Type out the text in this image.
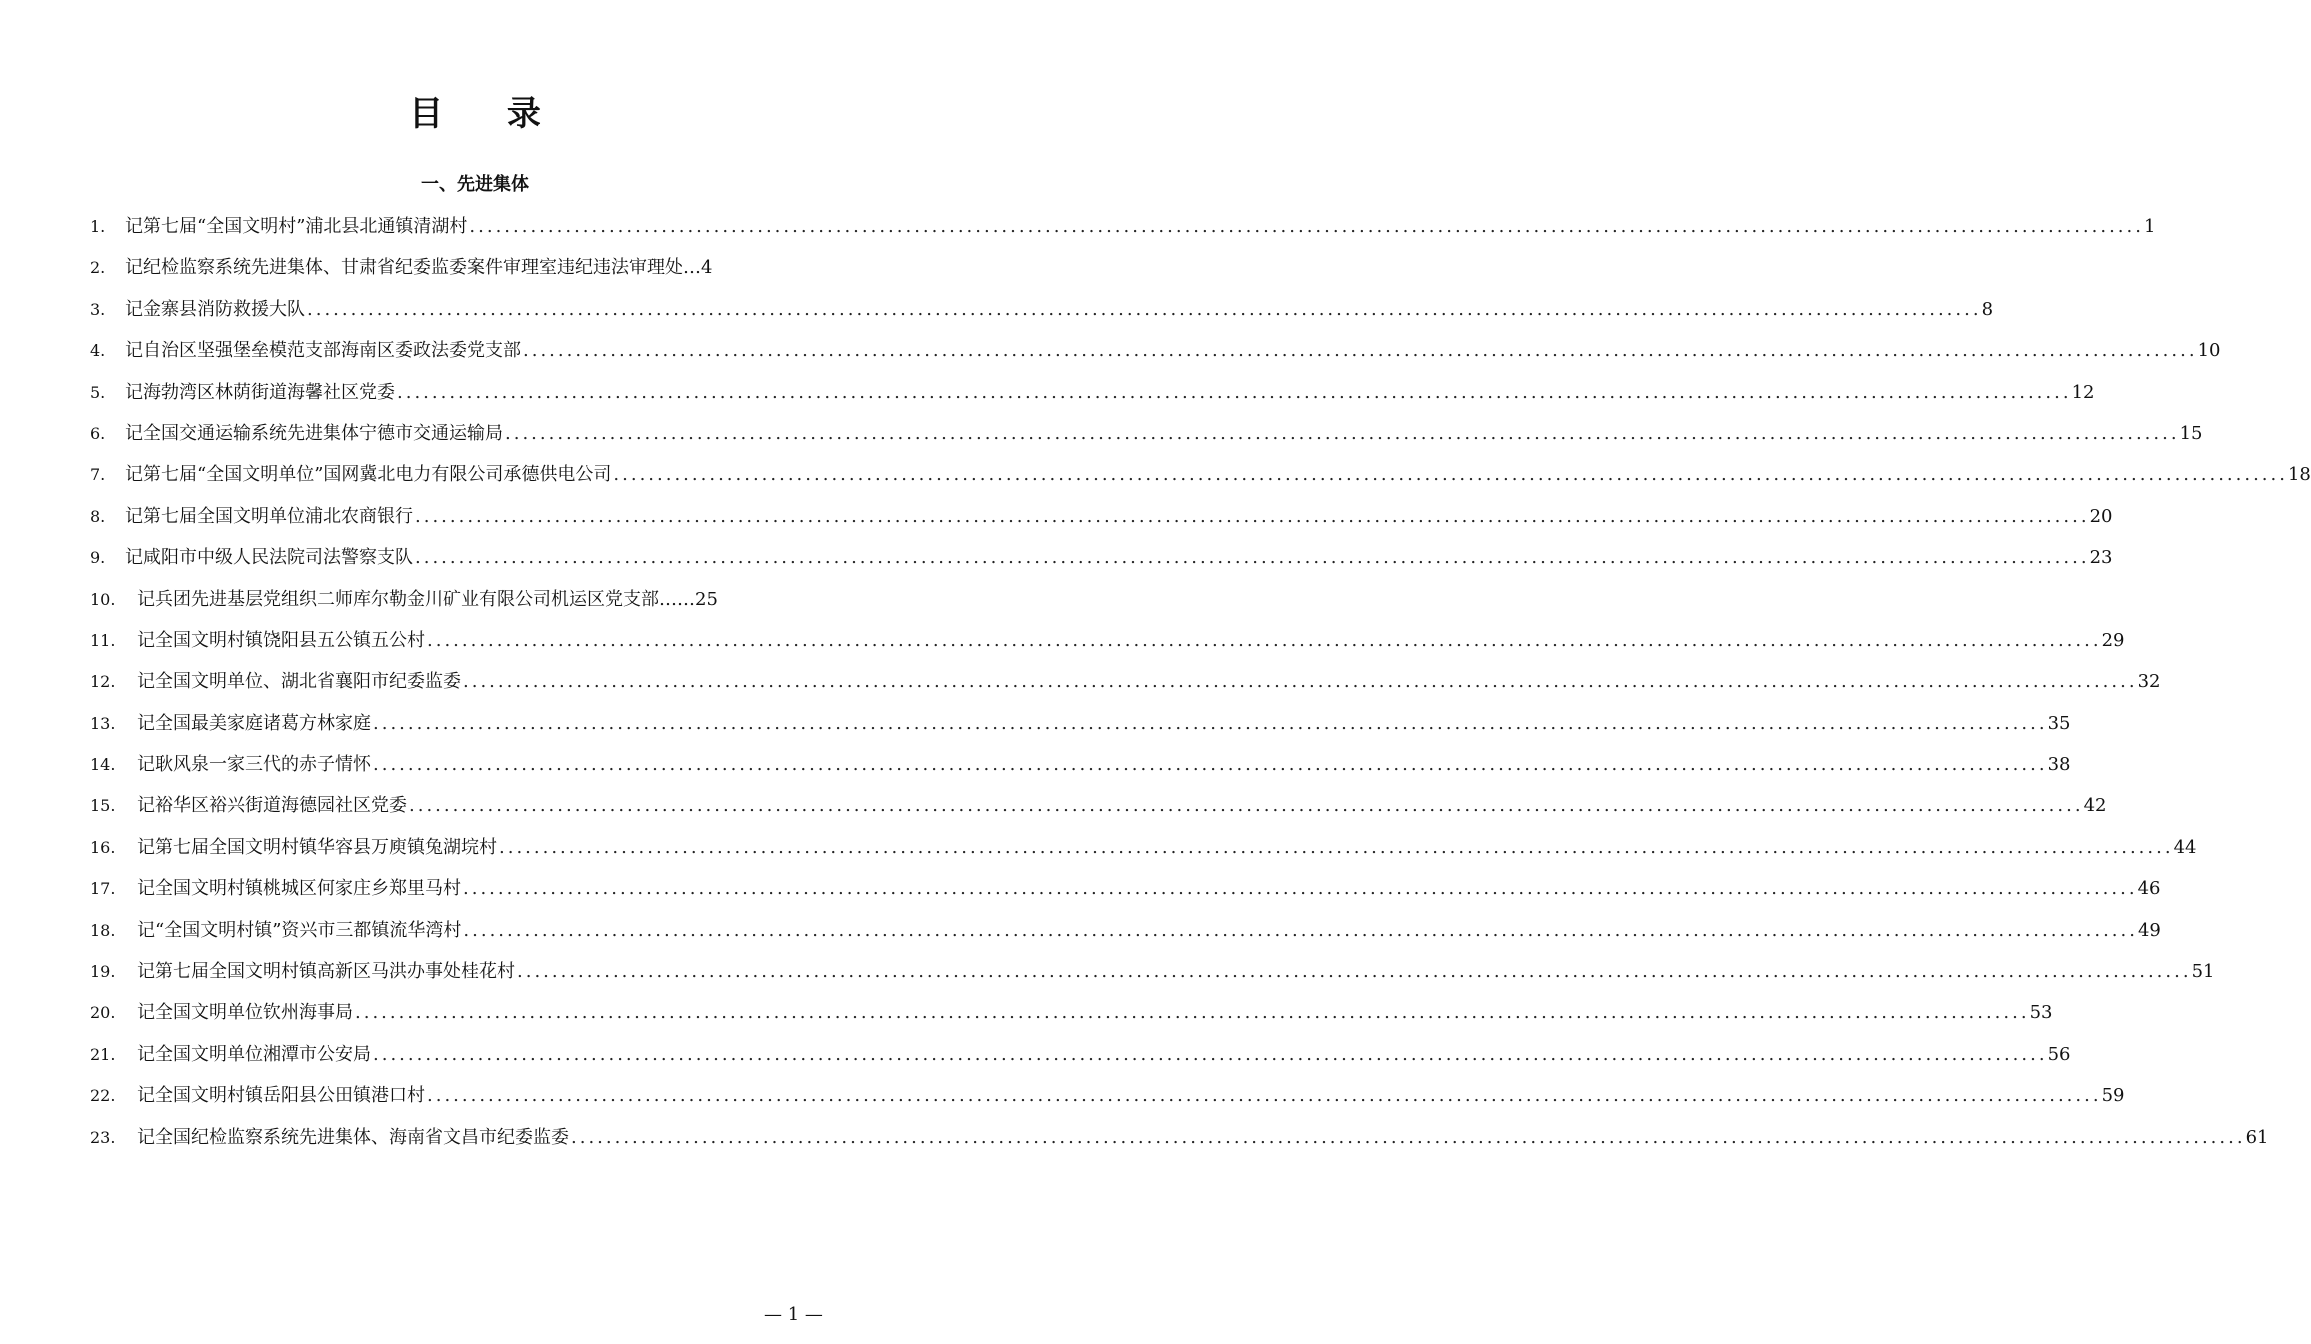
目 录
一、先进集体
1.	记第七届“全国文明村”浦北县北通镇清湖村 .....	1
2.	记纪检监察系统先进集体、甘肃省纪委监委案件审理室违纪违法审理处… 4
3.	记金寨县消防救援大队 .....	8
4.	记自治区坚强堡垒模范支部海南区委政法委党支部 .....	10
5.	记海勃湾区林荫街道海馨社区党委 .....	12
6.	记全国交通运输系统先进集体宁德市交通运输局 .....	15
7.	记第七届“全国文明单位”国网冀北电力有限公司承德供电公司 .....	18
8.	记第七届全国文明单位浦北农商银行 .....	20
9.	记咸阳市中级人民法院司法警察支队 .....	23
10.	记兵团先进基层党组织二师库尔勒金川矿业有限公司机运区党支部…… 25
11.	记全国文明村镇饶阳县五公镇五公村 .....	29
12.	记全国文明单位、湖北省襄阳市纪委监委 .....	32
13.	记全国最美家庭诸葛方林家庭 .....	35
14.	记耿风泉一家三代的赤子情怀 .....	38
15.	记裕华区裕兴街道海德园社区党委 .....	42
16.	记第七届全国文明村镇华容县万庾镇兔湖垸村 .....	44
17.	记全国文明村镇桃城区何家庄乡郑里马村 .....	46
18.	记“全国文明村镇”资兴市三都镇流华湾村 .....	49
19.	记第七届全国文明村镇高新区马洪办事处桂花村 .....	51
20.	记全国文明单位钦州海事局 .....	53
21.	记全国文明单位湘潭市公安局 .....	56
22.	记全国文明村镇岳阳县公田镇港口村 .....	59
23.	记全国纪检监察系统先进集体、海南省文昌市纪委监委 .....	61
— 1 —
